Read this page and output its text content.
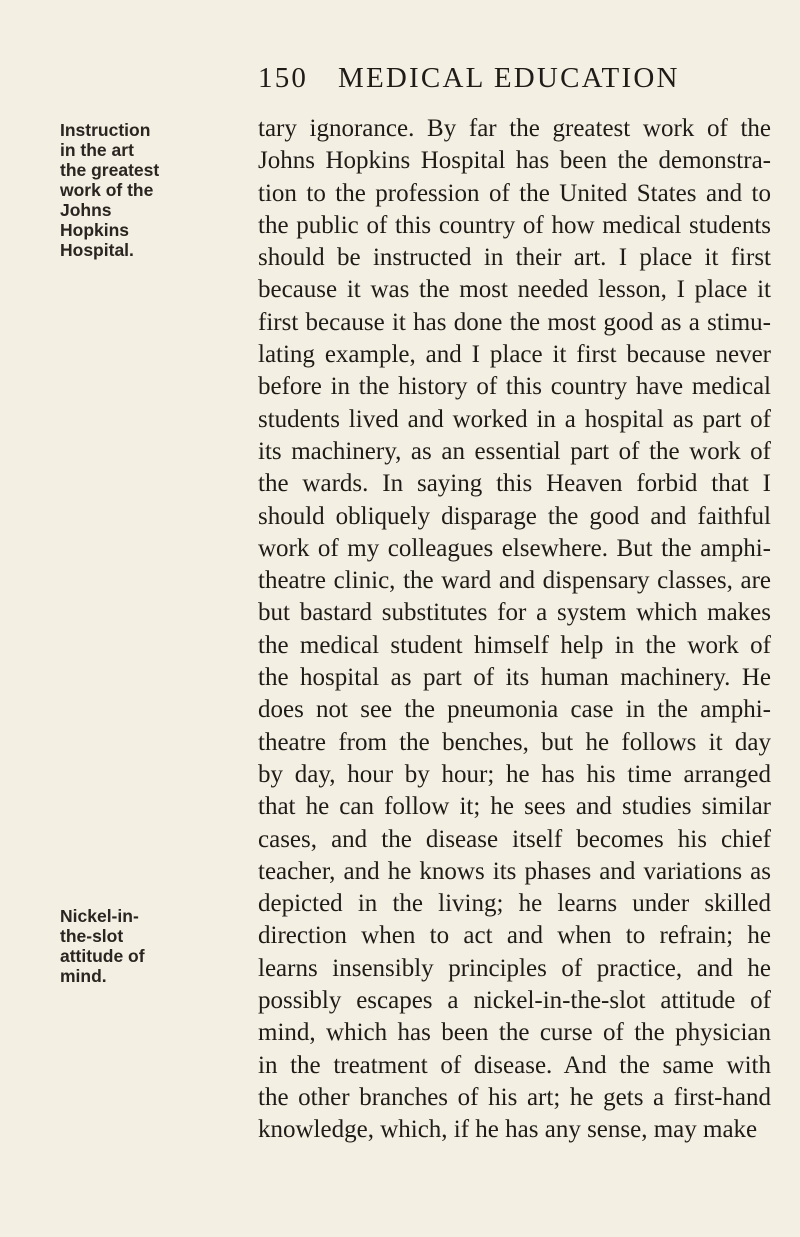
150 MEDICAL EDUCATION
Instruction
in the art
the greatest
work of the
Johns
Hopkins
Hospital.
Nickel-in-
the-slot
attitude of
mind.
tary ignorance. By far the greatest work of the
Johns Hopkins Hospital has been the demonstra-
tion to the profession of the United States and to
the public of this country of how medical students
should be instructed in their art. I place it first
because it was the most needed lesson, I place it
first because it has done the most good as a stimu-
lating example, and I place it first because never
before in the history of this country have medical
students lived and worked in a hospital as part of
its machinery, as an essential part of the work of
the wards. In saying this Heaven forbid that I
should obliquely disparage the good and faithful
work of my colleagues elsewhere. But the amphi-
theatre clinic, the ward and dispensary classes, are
but bastard substitutes for a system which makes
the medical student himself help in the work of
the hospital as part of its human machinery. He
does not see the pneumonia case in the amphi-
theatre from the benches, but he follows it day
by day, hour by hour; he has his time arranged
that he can follow it; he sees and studies similar
cases, and the disease itself becomes his chief
teacher, and he knows its phases and variations as
depicted in the living; he learns under skilled
direction when to act and when to refrain; he
learns insensibly principles of practice, and he
possibly escapes a nickel-in-the-slot attitude of
mind, which has been the curse of the physician
in the treatment of disease. And the same with
the other branches of his art; he gets a first-hand
knowledge, which, if he has any sense, may make
